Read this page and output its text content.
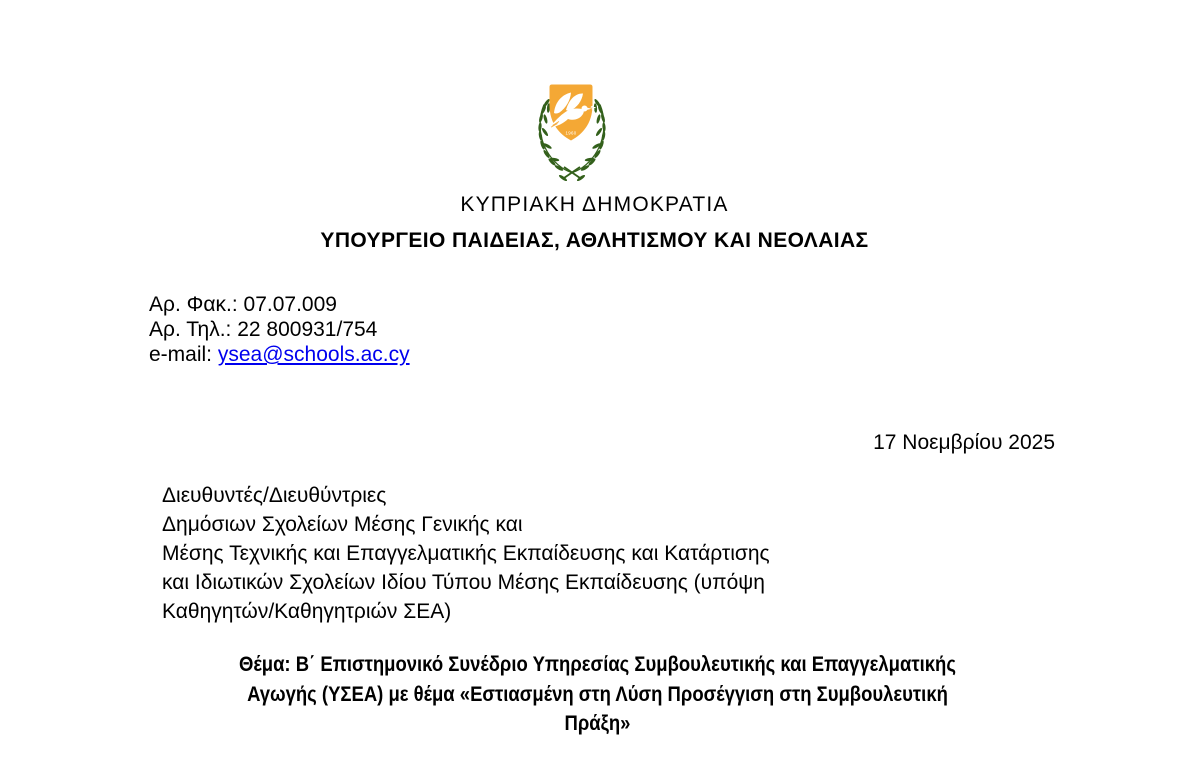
1960
ΚΥΠΡΙΑΚΗ ΔΗΜΟΚΡΑΤΙΑ
ΥΠΟΥΡΓΕΙΟ ΠΑΙΔΕΙΑΣ, ΑΘΛΗΤΙΣΜΟΥ ΚΑΙ ΝΕΟΛΑΙΑΣ
Αρ. Φακ.: 07.07.009
Αρ. Τηλ.: 22 800931/754
e-mail: ysea@schools.ac.cy
17 Νοεμβρίου 2025
Διευθυντές/Διευθύντριες
Δημόσιων Σχολείων Μέσης Γενικής και
Μέσης Τεχνικής και Επαγγελματικής Εκπαίδευσης και Κατάρτισης
και Ιδιωτικών Σχολείων Ιδίου Τύπου Μέσης Εκπαίδευσης (υπόψη
Καθηγητών/Καθηγητριών ΣΕΑ)
Θέμα: Β΄ Επιστημονικό Συνέδριο Υπηρεσίας Συμβουλευτικής και Επαγγελματικής
Αγωγής (ΥΣΕΑ) με θέμα «Εστιασμένη στη Λύση Προσέγγιση στη Συμβουλευτική
Πράξη»
